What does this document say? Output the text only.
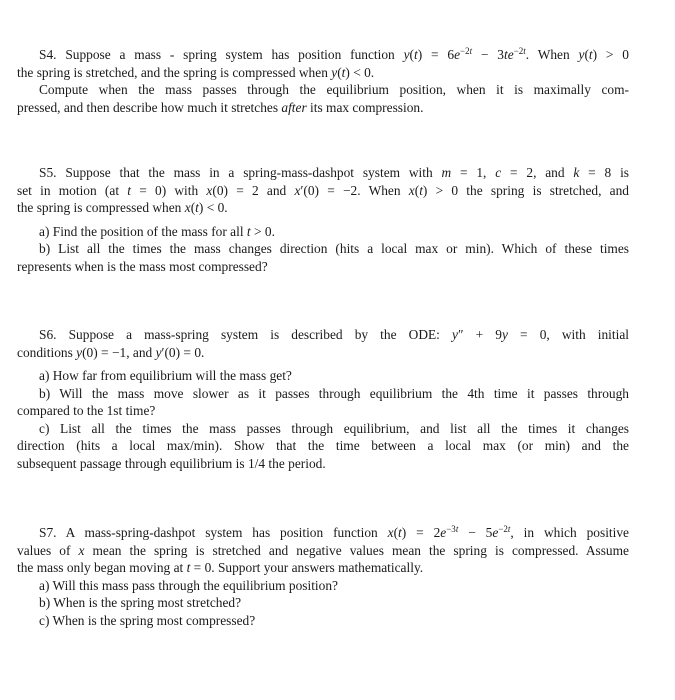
S4. Suppose a mass - spring system has position function $y(t) = 6e^{-2t} - 3te^{-2t}$. When y(t) > 0
the spring is stretched, and the spring is compressed when y(t) < 0.
Compute when the mass passes through the equilibrium position, when it is maximally com-
pressed, and then describe how much it stretches after its max compression.
S5. Suppose that the mass in a spring-mass-dashpot system with m = 1, c = 2, and k = 8 is
set in motion (at t = 0) with x(0) = 2 and x′(0) = −2. When x(t) > 0 the spring is stretched, and
the spring is compressed when x(t) < 0.
a) Find the position of the mass for all t > 0.
b) List all the times the mass changes direction (hits a local max or min). Which of these times
represents when is the mass most compressed?
S6. Suppose a mass-spring system is described by the ODE: y″ + 9y = 0, with initial
conditions y(0) = −1, and y′(0) = 0.
a) How far from equilibrium will the mass get?
b) Will the mass move slower as it passes through equilibrium the 4th time it passes through
compared to the 1st time?
c) List all the times the mass passes through equilibrium, and list all the times it changes
direction (hits a local max/min). Show that the time between a local max (or min) and the
subsequent passage through equilibrium is 1/4 the period.
S7. A mass-spring-dashpot system has position function $x(t) = 2e^{-3t} - 5e^{-2t}$, in which positive
values of x mean the spring is stretched and negative values mean the spring is compressed. Assume
the mass only began moving at t = 0. Support your answers mathematically.
a) Will this mass pass through the equilibrium position?
b) When is the spring most stretched?
c) When is the spring most compressed?
